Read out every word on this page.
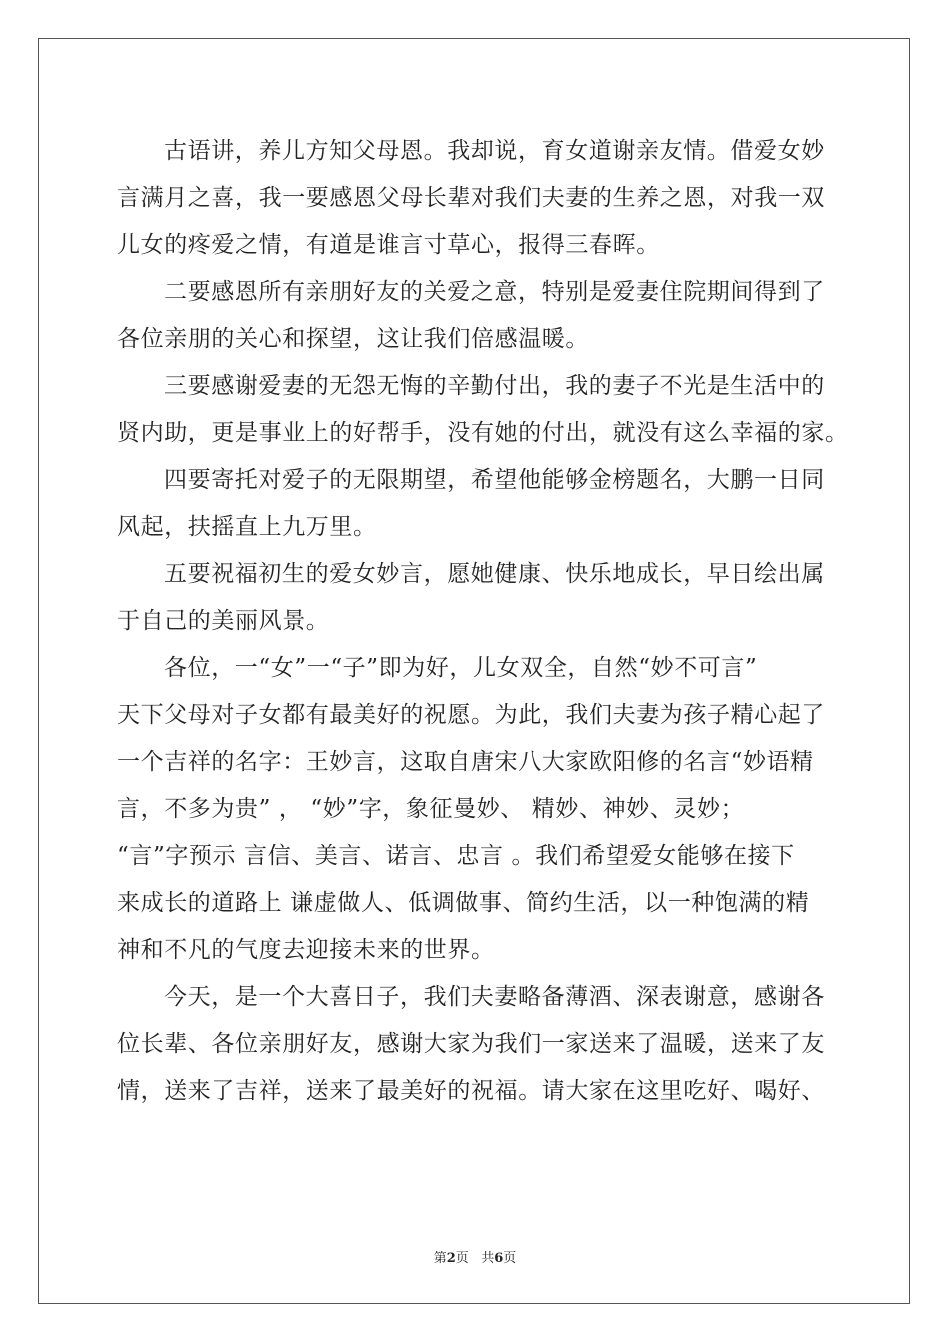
古语讲，养儿方知父母恩。我却说，育女道谢亲友情。借爱女妙
言满月之喜，我一要感恩父母长辈对我们夫妻的生养之恩，对我一双
儿女的疼爱之情，有道是谁言寸草心，报得三春晖。
二要感恩所有亲朋好友的关爱之意，特别是爱妻住院期间得到了
各位亲朋的关心和探望，这让我们倍感温暖。
三要感谢爱妻的无怨无悔的辛勤付出，我的妻子不光是生活中的
贤内助，更是事业上的好帮手，没有她的付出，就没有这么幸福的家。
四要寄托对爱子的无限期望，希望他能够金榜题名，大鹏一日同
风起，扶摇直上九万里。
五要祝福初生的爱女妙言，愿她健康、快乐地成长，早日绘出属
于自己的美丽风景。
各位，一“女”一“子”即为好，儿女双全，自然“妙不可言”
天下父母对子女都有最美好的祝愿。为此，我们夫妻为孩子精心起了
一个吉祥的名字：王妙言，这取自唐宋八大家欧阳修的名言“妙语精
言，不多为贵” ， “妙”字，象征曼妙、 精妙、神妙、灵妙；
“言”字预示 言信、美言、诺言、忠言 。我们希望爱女能够在接下
来成长的道路上 谦虚做人、低调做事、简约生活，以一种饱满的精
神和不凡的气度去迎接未来的世界。
今天，是一个大喜日子，我们夫妻略备薄酒、深表谢意，感谢各
位长辈、各位亲朋好友，感谢大家为我们一家送来了温暖，送来了友
情，送来了吉祥，送来了最美好的祝福。请大家在这里吃好、喝好、
第2页 共6页
